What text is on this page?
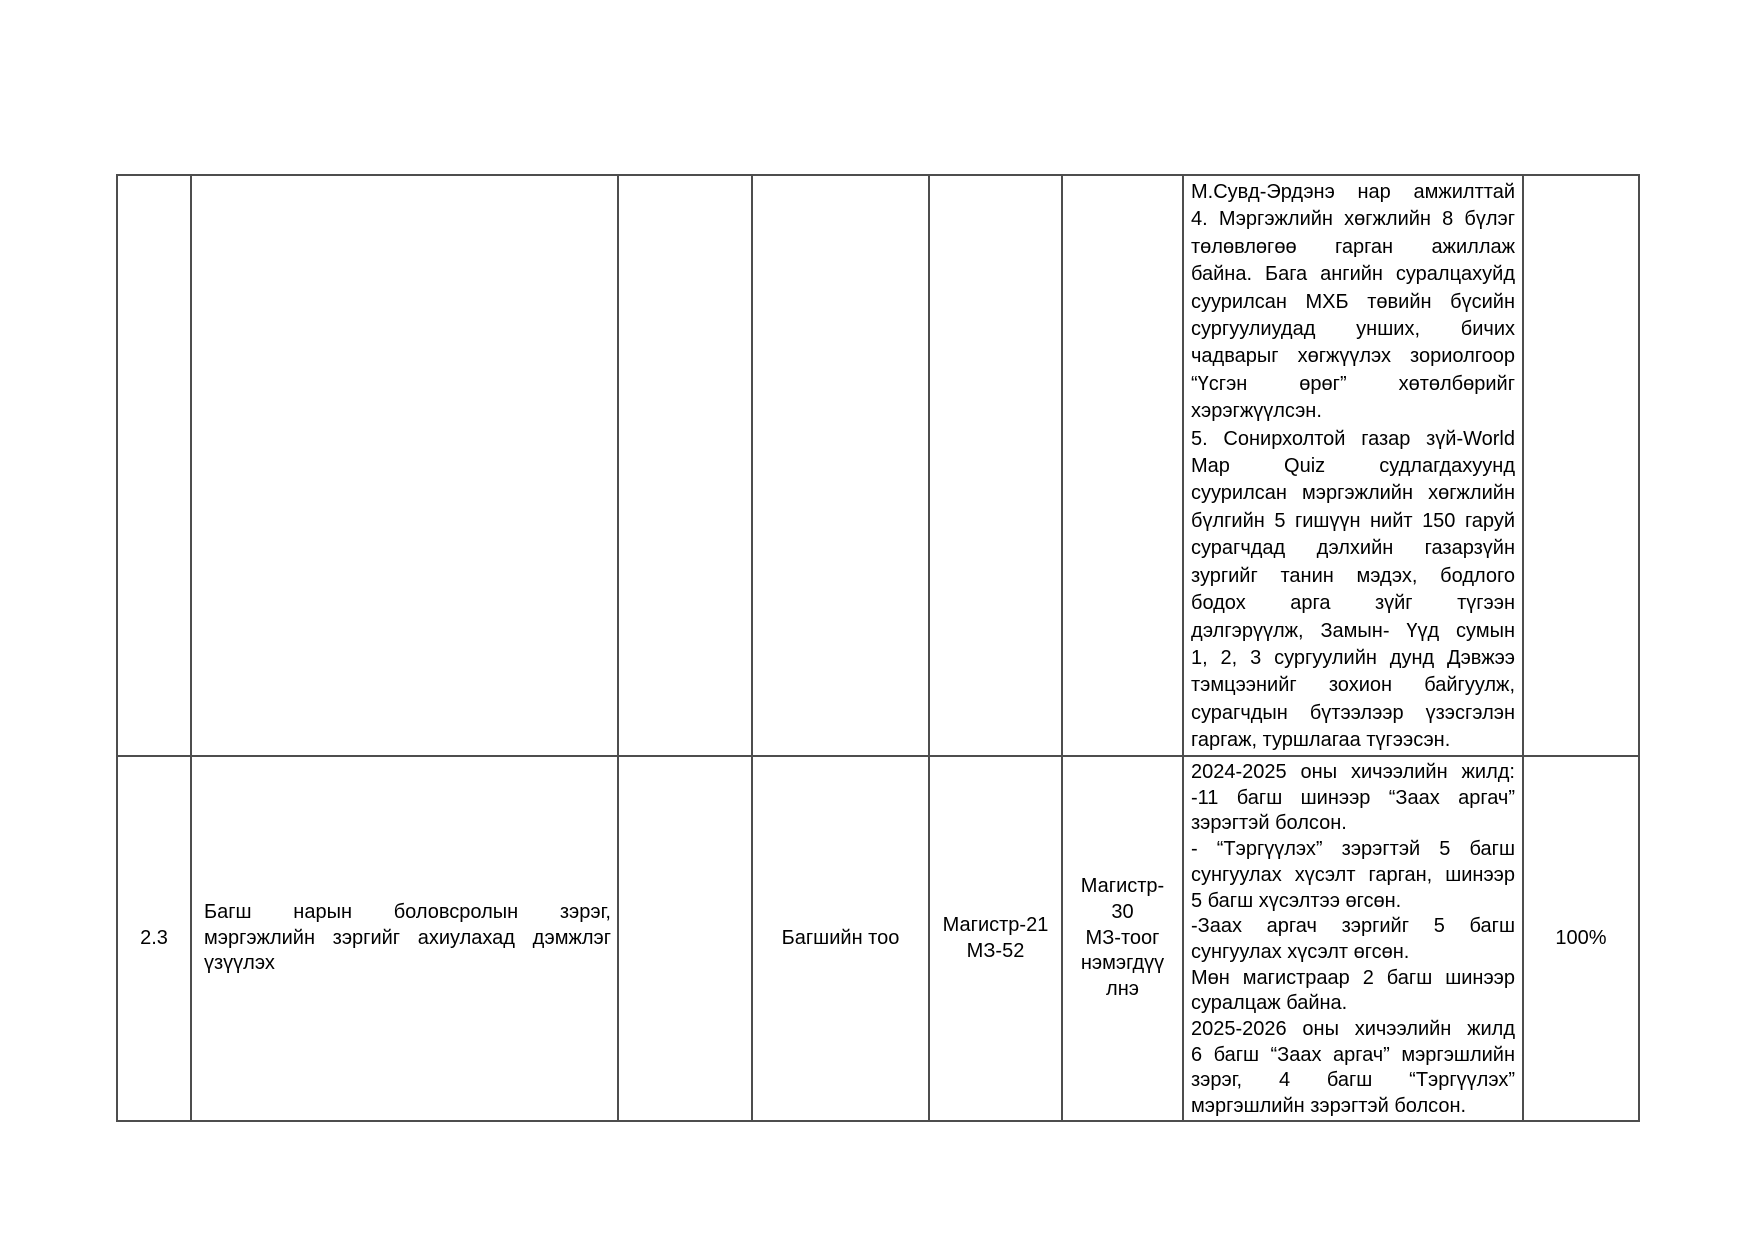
М.Сувд-Эрдэнэ нар амжилттай
4. Мэргэжлийн хөгжлийн 8 бүлэг
төлөвлөгөө гарган ажиллаж
байна. Бага ангийн суралцахуйд
суурилсан МХБ төвийн бүсийн
сургуулиудад унших, бичих
чадварыг хөгжүүлэх зориолгоор
“Үсгэн өрөг” хөтөлбөрийг
хэрэгжүүлсэн.
5. Сонирхолтой газар зүй-World
Map Quiz судлагдахуунд
суурилсан мэргэжлийн хөгжлийн
бүлгийн 5 гишүүн нийт 150 гаруй
сурагчдад дэлхийн газарзүйн
зургийг танин мэдэх, бодлого
бодох арга зүйг түгээн
дэлгэрүүлж, Замын- Үүд сумын
1, 2, 3 сургуулийн дунд Дэвжээ
тэмцээнийг зохион байгуулж,
сурагчдын бүтээлээр үзэсгэлэн
гаргаж, туршлагаа түгээсэн.
2.3
Багш нарын боловсролын зэрэг,
мэргэжлийн зэргийг ахиулахад дэмжлэг
үзүүлэх
Багшийн тоо
Магистр-21
МЗ-52
Магистр-
30
МЗ-тоог
нэмэгдүү
лнэ
2024-2025 оны хичээлийн жилд:
-11 багш шинээр “Заах аргач”
зэрэгтэй болсон.
- “Тэргүүлэх” зэрэгтэй 5 багш
сунгуулах хүсэлт гарган, шинээр
5 багш хүсэлтээ өгсөн.
-Заах аргач зэргийг 5 багш
сунгуулах хүсэлт өгсөн.
Мөн магистраар 2 багш шинээр
суралцаж байна.
2025-2026 оны хичээлийн жилд
6 багш “Заах аргач” мэргэшлийн
зэрэг, 4 багш “Тэргүүлэх”
мэргэшлийн зэрэгтэй болсон.
100%
